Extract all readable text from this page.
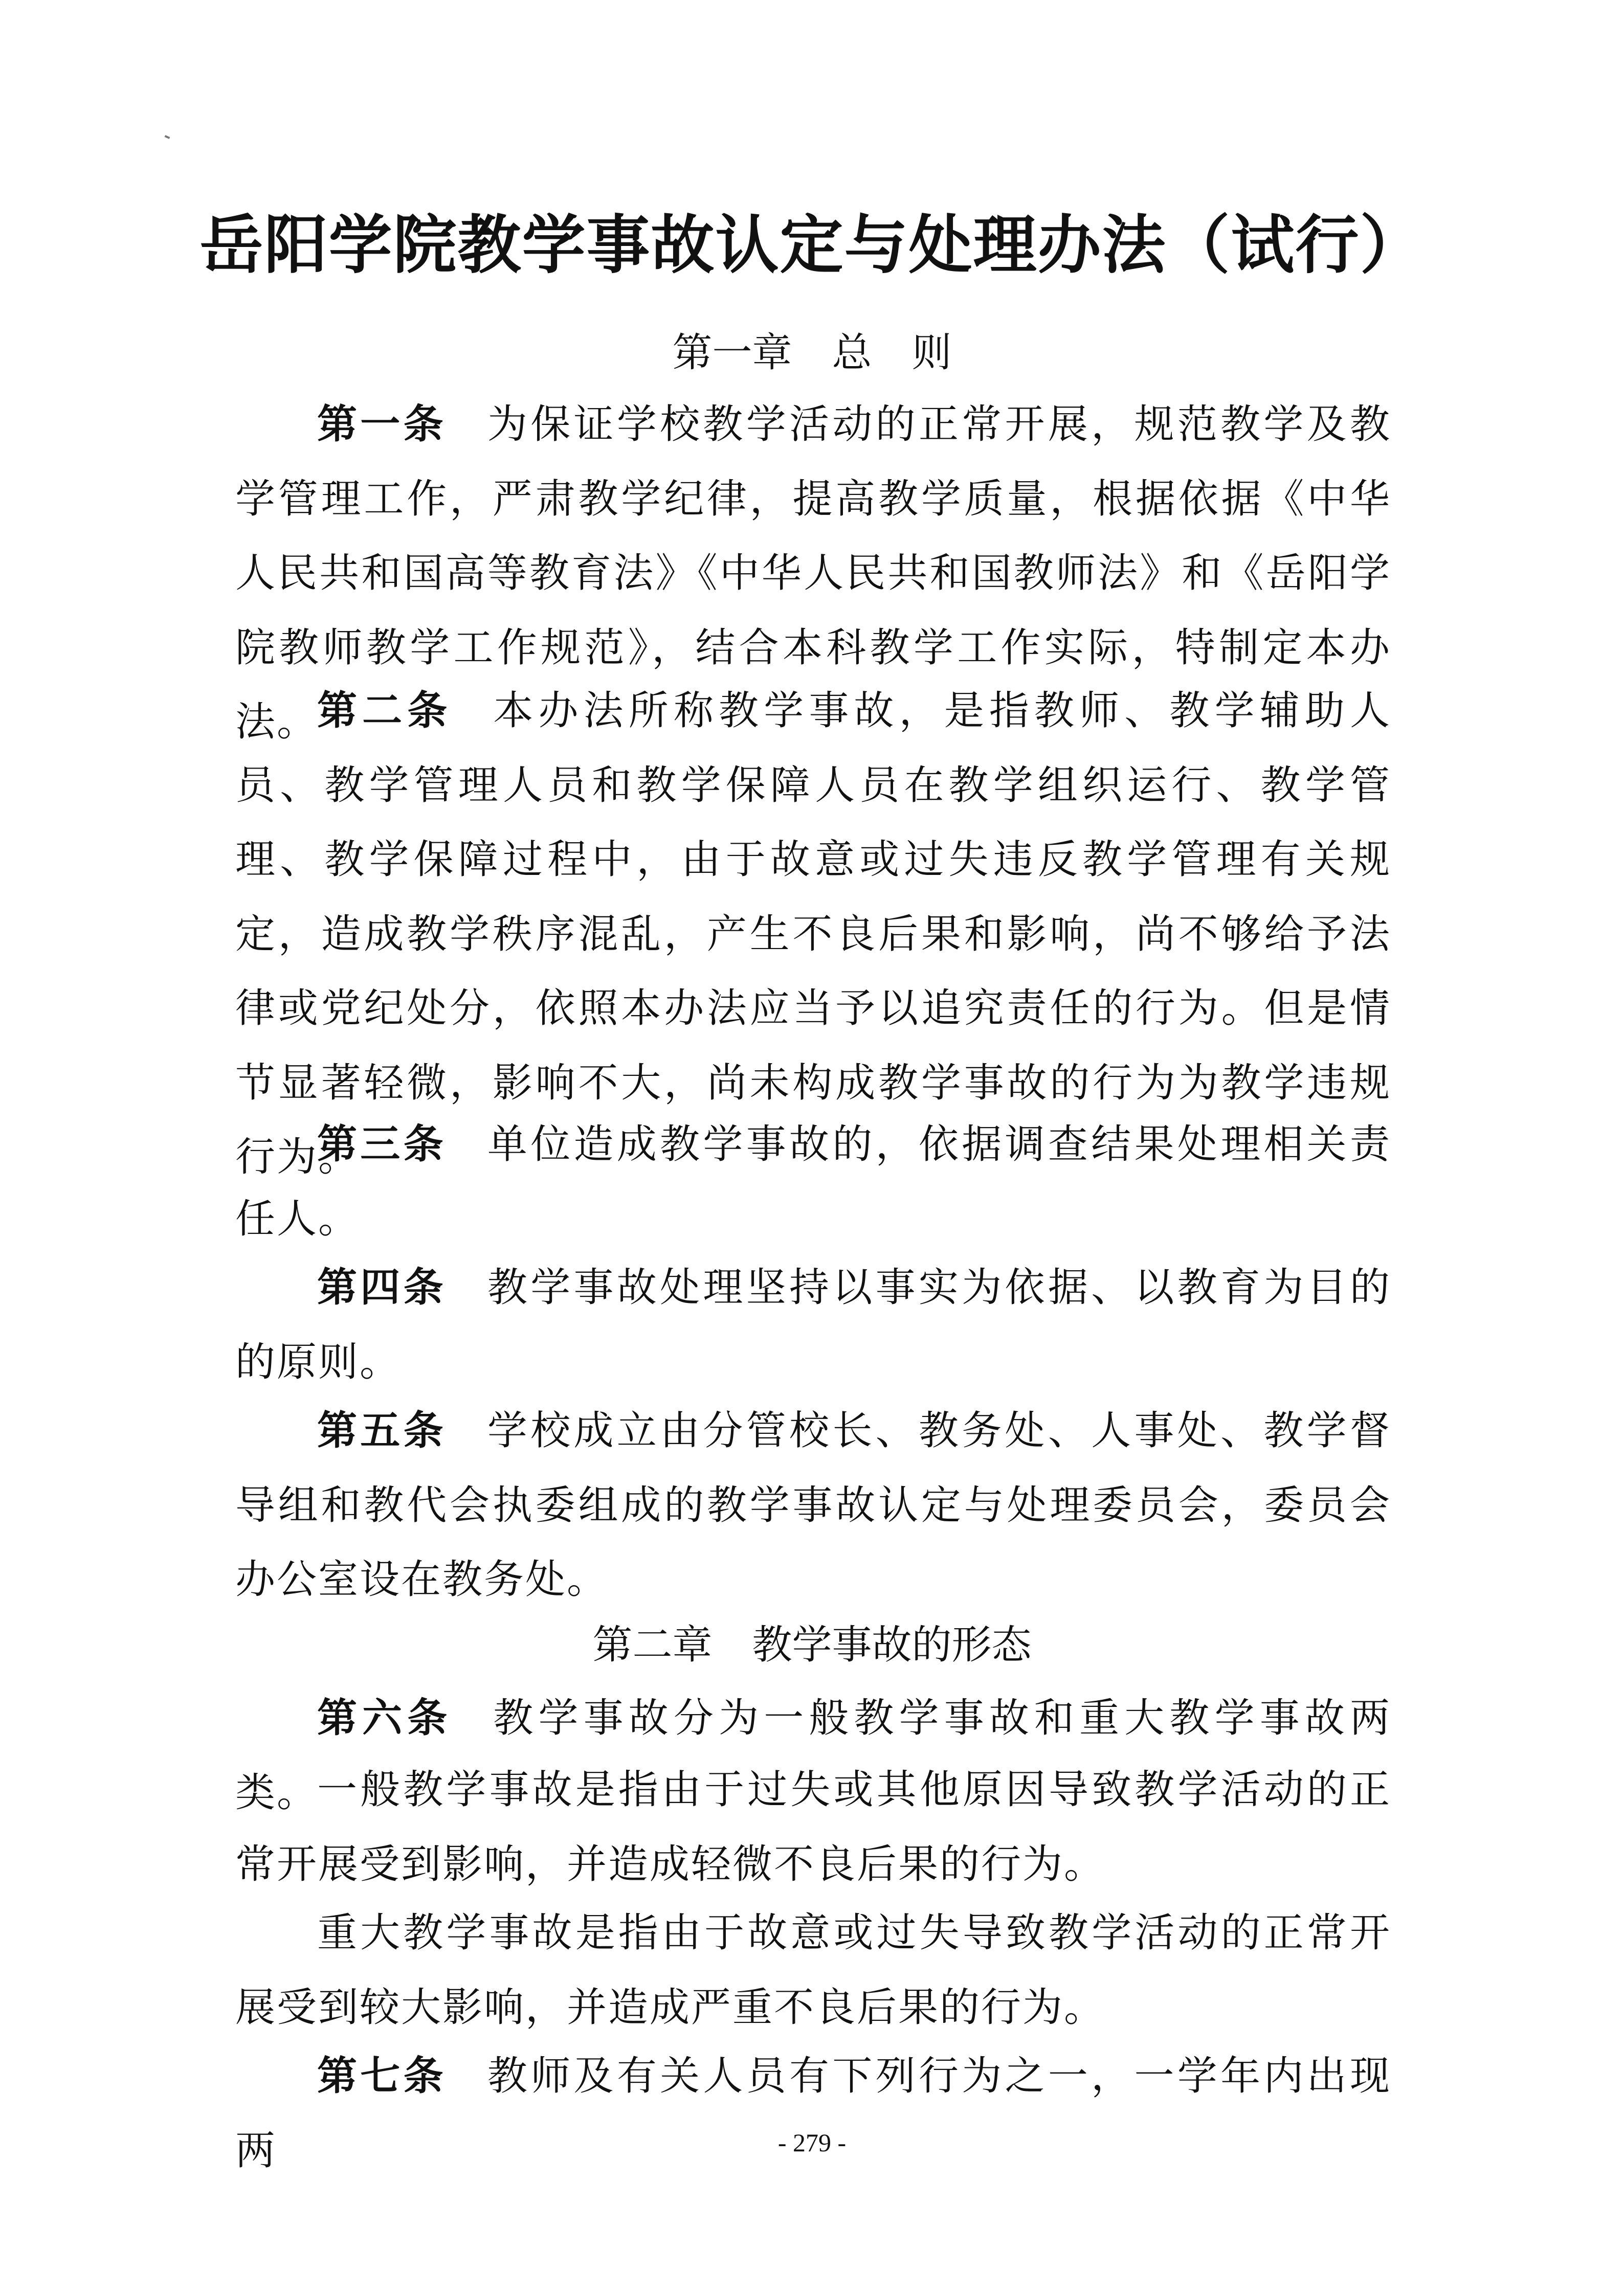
岳阳学院教学事故认定与处理办法（试行）
第一章　总　则

第一条 为保证学校教学活动的正常开展，规范教学及教学管理工作，严肃教学纪律，提高教学质量，根据依据《中华人民共和国高等教育法》《中华人民共和国教师法》和《岳阳学院教师教学工作规范》，结合本科教学工作实际，特制定本办法。

第二条 本办法所称教学事故，是指教师、教学辅助人员、教学管理人员和教学保障人员在教学组织运行、教学管理、教学保障过程中，由于故意或过失违反教学管理有关规定，造成教学秩序混乱，产生不良后果和影响，尚不够给予法律或党纪处分，依照本办法应当予以追究责任的行为。但是情节显著轻微，影响不大，尚未构成教学事故的行为为教学违规行为。

第三条 单位造成教学事故的，依据调查结果处理相关责任人。

第四条 教学事故处理坚持以事实为依据、以教育为目的的原则。

第五条 学校成立由分管校长、教务处、人事处、教学督导组和教代会执委组成的教学事故认定与处理委员会，委员会办公室设在教务处。

第二章　教学事故的形态

第六条 教学事故分为一般教学事故和重大教学事故两类。

一般教学事故是指由于过失或其他原因导致教学活动的正常开展受到影响，并造成轻微不良后果的行为。

重大教学事故是指由于故意或过失导致教学活动的正常开展受到较大影响，并造成严重不良后果的行为。

第七条 教师及有关人员有下列行为之一，一学年内出现两	- 279 -
